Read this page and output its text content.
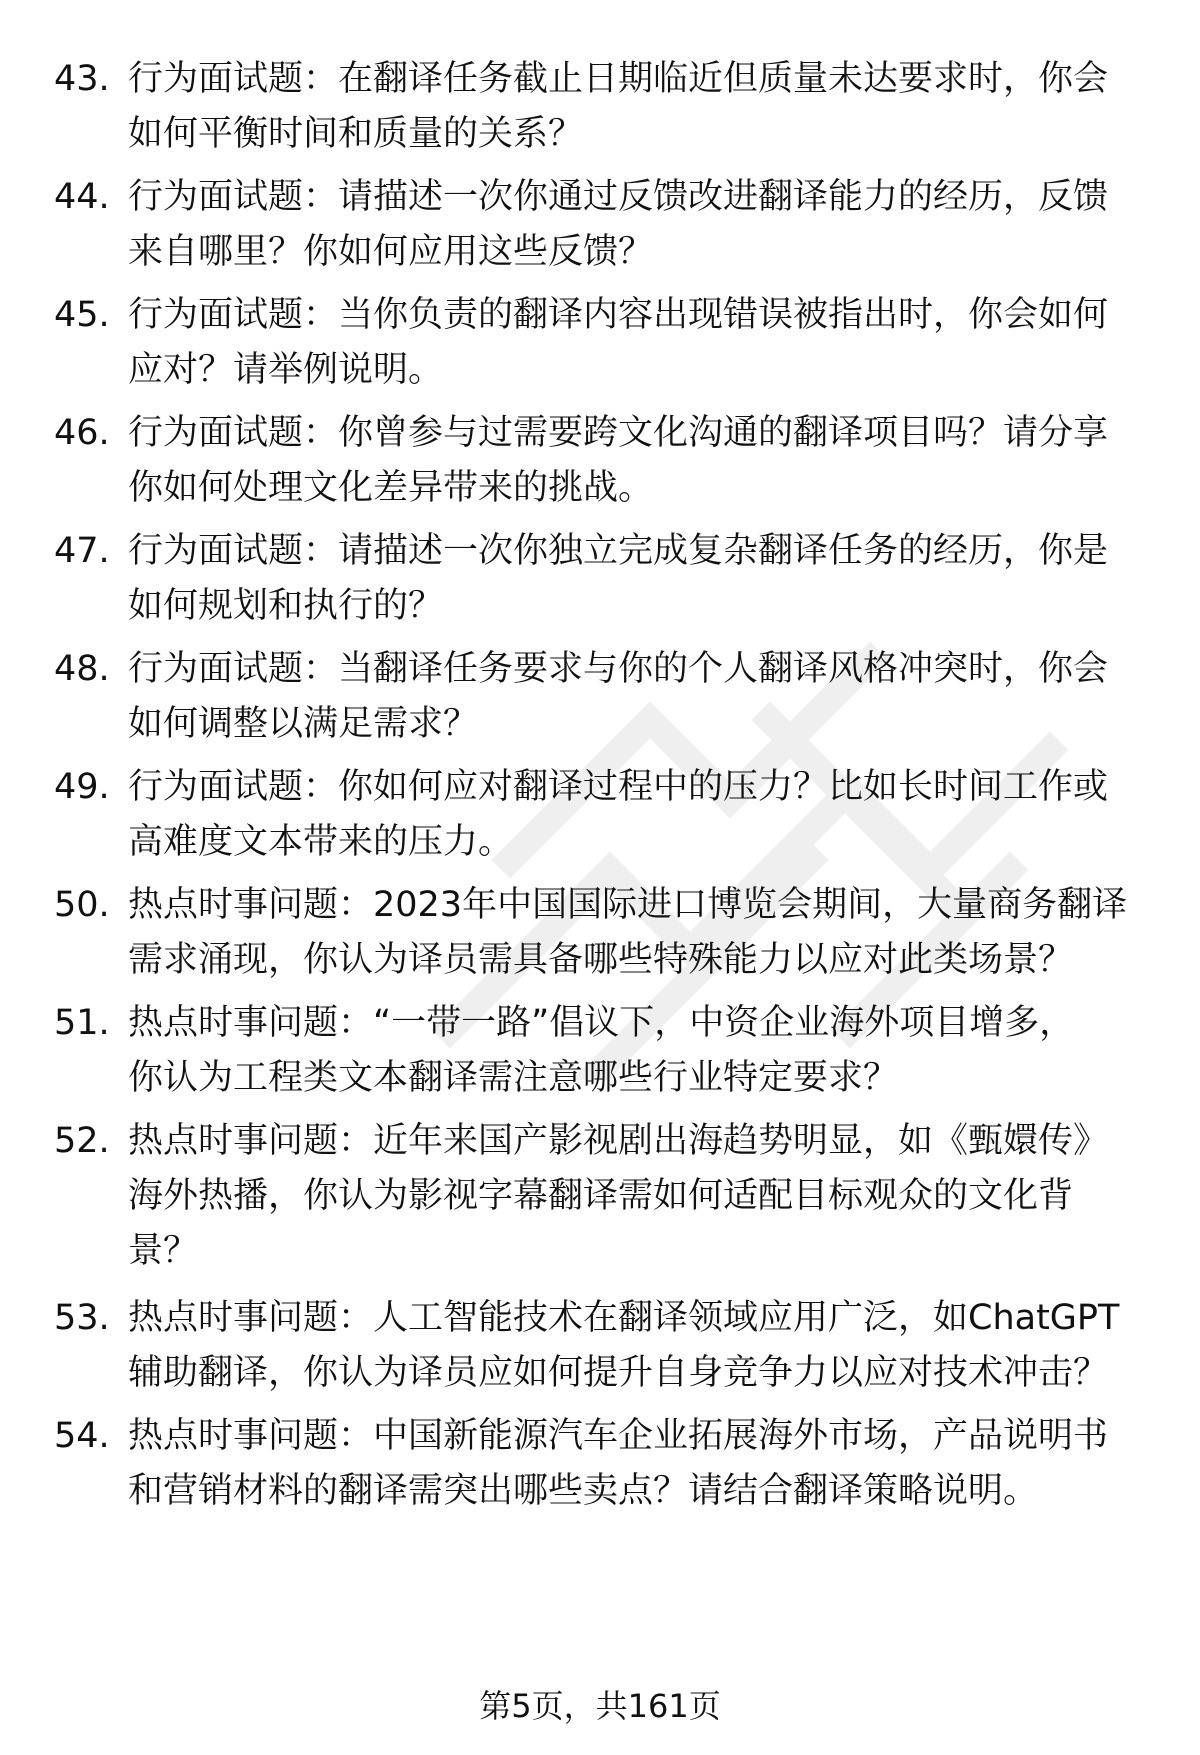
43. 行为面试题：在翻译任务截止日期临近但质量未达要求时，你会
如何平衡时间和质量的关系？
44. 行为面试题：请描述一次你通过反馈改进翻译能力的经历，反馈
来自哪里？你如何应用这些反馈？
45. 行为面试题：当你负责的翻译内容出现错误被指出时，你会如何
应对？请举例说明。
46. 行为面试题：你曾参与过需要跨文化沟通的翻译项目吗？请分享
你如何处理文化差异带来的挑战。
47. 行为面试题：请描述一次你独立完成复杂翻译任务的经历，你是
如何规划和执行的？
48. 行为面试题：当翻译任务要求与你的个人翻译风格冲突时，你会
如何调整以满足需求？
49. 行为面试题：你如何应对翻译过程中的压力？比如长时间工作或
高难度文本带来的压力。
50. 热点时事问题：2023年中国国际进口博览会期间，大量商务翻译
需求涌现，你认为译员需具备哪些特殊能力以应对此类场景？
51. 热点时事问题：“一带一路”倡议下，中资企业海外项目增多，
你认为工程类文本翻译需注意哪些行业特定要求？
52. 热点时事问题：近年来国产影视剧出海趋势明显，如《甄嬛传》
海外热播，你认为影视字幕翻译需如何适配目标观众的文化背
景？
53. 热点时事问题：人工智能技术在翻译领域应用广泛，如ChatGPT
辅助翻译，你认为译员应如何提升自身竞争力以应对技术冲击？
54. 热点时事问题：中国新能源汽车企业拓展海外市场，产品说明书
和营销材料的翻译需突出哪些卖点？请结合翻译策略说明。
第5页，共161页
